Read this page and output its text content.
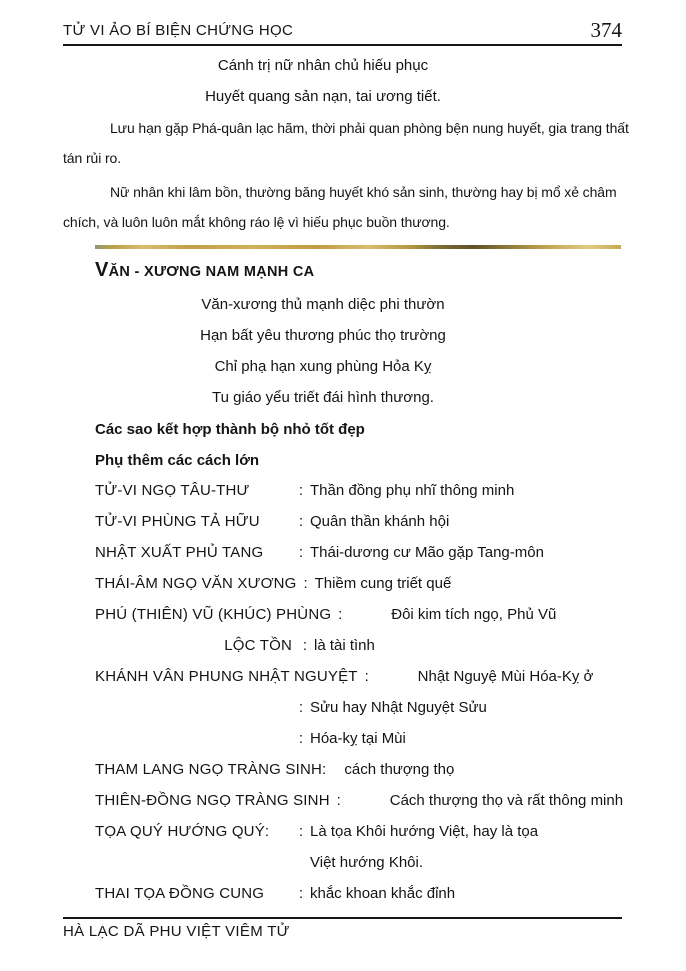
TỬ VI ẢO BÍ BIỆN CHỨNG HỌC	374
Cánh trị nữ nhân chủ hiếu phục
Huyết quang sản nạn, tai ương tiết.
Lưu hạn gặp Phá-quân lạc hãm, thời phải quan phòng bện nung huyết, gia trang thất
tán rủi ro.
Nữ nhân khi lâm bồn, thường băng huyết khó sản sinh, thường hay bị mổ xẻ châm
chích, và luôn luôn mắt không ráo lệ vì hiếu phục buồn thương.
VĂN - XƯƠNG NAM MẠNH CA
Văn-xương thủ mạnh diệc phi thườn
Hạn bất yêu thương phúc thọ trường
Chỉ phạ hạn xung phùng Hỏa Kỵ
Tu giáo yểu triết đái hình thương.
Các sao kết hợp thành bộ nhỏ tốt đẹp
Phụ thêm các cách lớn
TỬ-VI NGỌ TÂU-THƯ	: Thần đồng phụ nhĩ thông minh
TỬ-VI PHÙNG TẢ HỮU	: Quân thần khánh hội
NHẬT XUẤT PHỦ TANG	: Thái-dương cư Mão gặp Tang-môn
THÁI-ÂM NGỌ VĂN XƯƠNG : Thiềm cung triết quế
PHÚ (THIÊN) VŨ (KHÚC) PHÙNG :	Đôi kim tích ngọ, Phủ Vũ
LỘC TỒN : là tài tình
KHÁNH VÂN PHUNG NHẬT NGUYỆT :	Nhật Nguyệ Mùi Hóa-Kỵ ở
: Sửu hay Nhật Nguyệt Sửu
: Hóa-kỵ tại Mùi
THAM LANG NGỌ TRÀNG SINH: cách thượng thọ
THIÊN-ĐỒNG NGỌ TRÀNG SINH :	Cách thượng thọ và rất thông minh
TỌA QUÝ HƯỚNG QUÝ:	: Là tọa Khôi hướng Việt, hay là tọa
Việt hướng Khôi.
THAI TỌA ĐỒNG CUNG	: khắc khoan khắc đỉnh
HÀ LẠC DÃ PHU VIỆT VIÊM TỬ
